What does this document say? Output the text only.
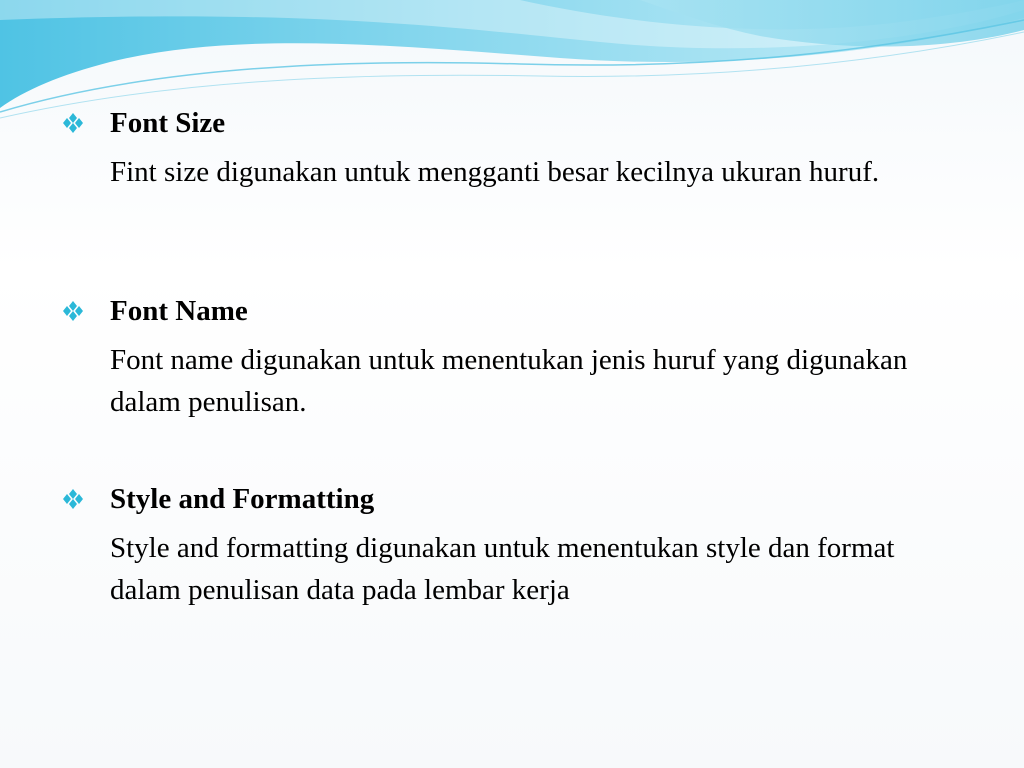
Font Size
Fint size digunakan untuk mengganti besar kecilnya ukuran huruf.
Font Name
Font name digunakan untuk menentukan jenis huruf yang digunakan dalam penulisan.
Style and Formatting
Style and formatting digunakan untuk menentukan style dan format dalam penulisan data pada lembar kerja
